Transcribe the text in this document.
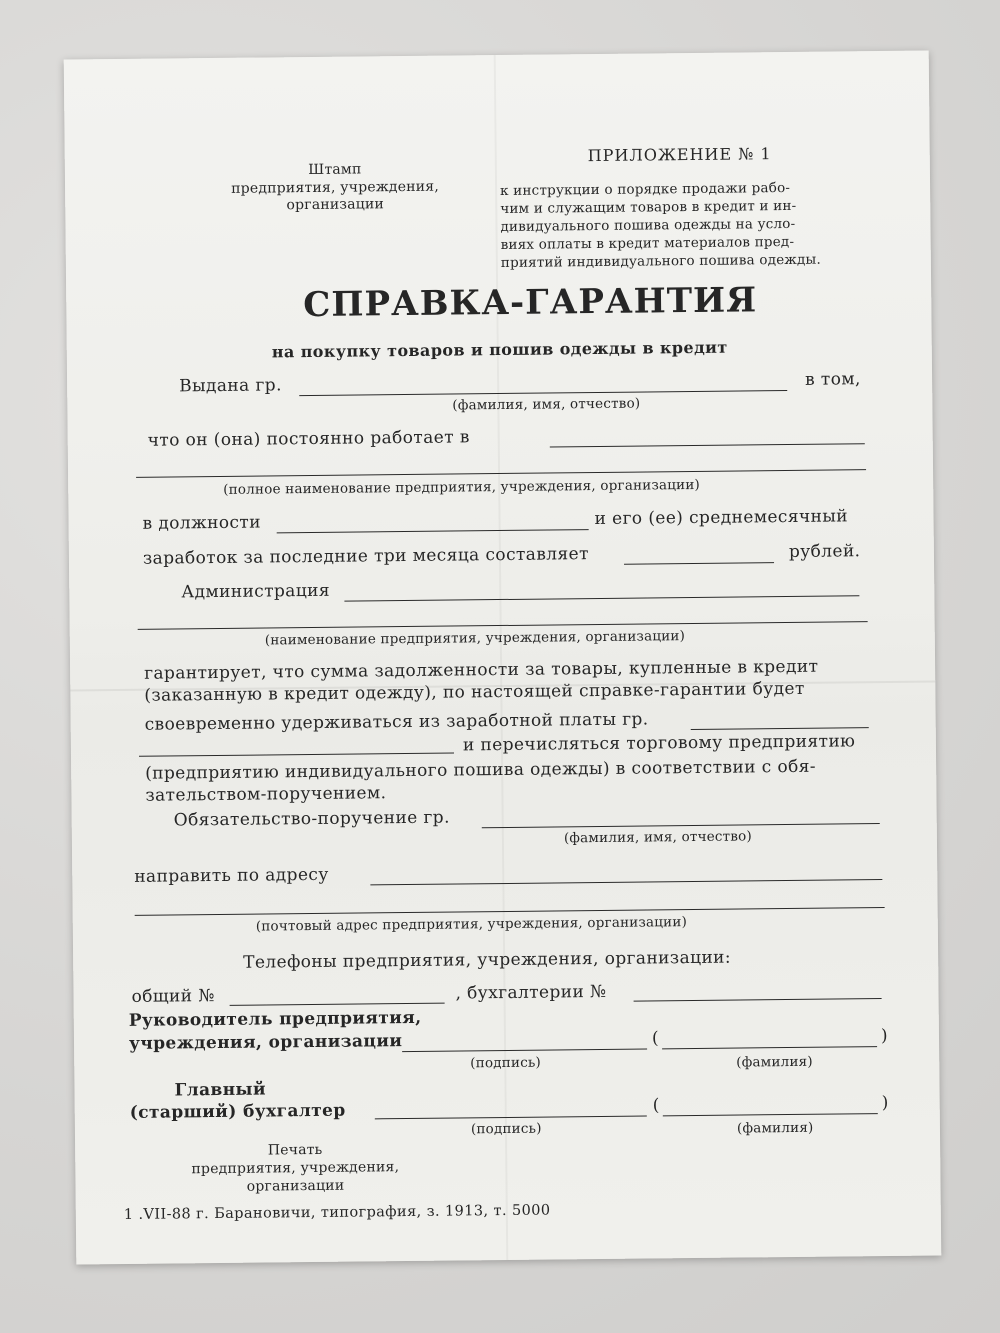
Штамп
предприятия, учреждения,
организации
ПРИЛОЖЕНИЕ № 1
к инструкции о порядке продажи рабо-
чим и служащим товаров в кредит и ин-
дивидуального пошива одежды на усло-
виях оплаты в кредит материалов пред-
приятий индивидуального пошива одежды.
СПРАВКА-ГАРАНТИЯ
на покупку товаров и пошив одежды в кредит
Выдана гр.	в том,
(фамилия, имя, отчество)
что он (она) постоянно работает в
(полное наименование предприятия, учреждения, организации)
в должности	и его (ее) среднемесячный
заработок за последние три месяца составляет	рублей.
Администрация
(наименование предприятия, учреждения, организации)
гарантирует, что сумма задолженности за товары, купленные в кредит
(заказанную в кредит одежду), по настоящей справке-гарантии будет
своевременно удерживаться из заработной платы гр.
и перечисляться торговому предприятию
(предприятию индивидуального пошива одежды) в соответствии с обя-
зательством-поручением.
Обязательство-поручение гр.
(фамилия, имя, отчество)
направить по адресу
(почтовый адрес предприятия, учреждения, организации)
Телефоны предприятия, учреждения, организации:
общий №	, бухгалтерии №
Руководитель предприятия,
учреждения, организации	(	)
(подпись)	(фамилия)
Главный
(старший) бухгалтер	(	)
(подпись)	(фамилия)
Печать
предприятия, учреждения,
организации
1 .VII-88 г. Барановичи, типография, з. 1913, т. 5000
